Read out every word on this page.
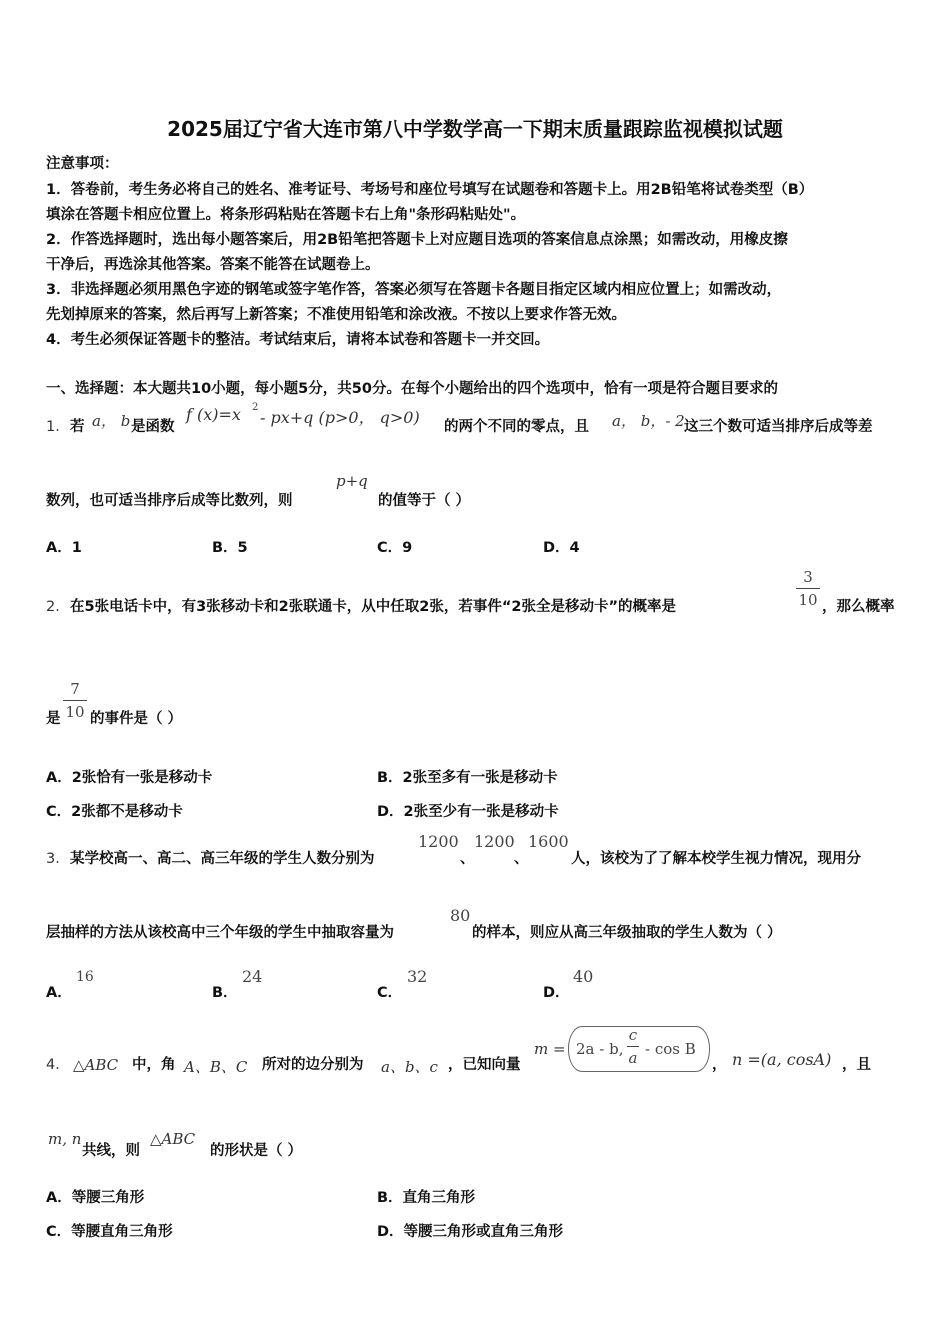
2025届辽宁省大连市第八中学数学高一下期末质量跟踪监视模拟试题
注意事项：
1．答卷前，考生务必将自己的姓名、准考证号、考场号和座位号填写在试题卷和答题卡上。用2B铅笔将试卷类型（B）
填涂在答题卡相应位置上。将条形码粘贴在答题卡右上角"条形码粘贴处"。
2．作答选择题时，选出每小题答案后，用2B铅笔把答题卡上对应题目选项的答案信息点涂黑；如需改动，用橡皮擦
干净后，再选涂其他答案。答案不能答在试题卷上。
3．非选择题必须用黑色字迹的钢笔或签字笔作答，答案必须写在答题卡各题目指定区域内相应位置上；如需改动，
先划掉原来的答案，然后再写上新答案；不准使用铅笔和涂改液。不按以上要求作答无效。
4．考生必须保证答题卡的整洁。考试结束后，请将本试卷和答题卡一并交回。
一、选择题：本大题共10小题，每小题5分，共50分。在每个小题给出的四个选项中，恰有一项是符合题目要求的
1． 若 a， b 是函数
f (x)=x 2
- px+q (p>0， q>0) 的两个不同的零点，且 a， b，- 2 这三个数可适当排序后成等差
数列，也可适当排序后成等比数列，则
p+q
的值等于（ ）
A．1	B．5	C．9	D．4
2． 在5张电话卡中，有3张移动卡和2张联通卡，从中任取2张，若事件“2张全是移动卡”的概率是
3
10 ，那么概率
是
7
10 的事件是（ ）
A．2张恰有一张是移动卡	B．2张至多有一张是移动卡
C．2张都不是移动卡	D．2张至少有一张是移动卡
3． 某学校高一、高二、高三年级的学生人数分别为
1200
、
1200
、
1600
人，该校为了了解本校学生视力情况，现用分
层抽样的方法从该校高中三个年级的学生中抽取容量为
80
的样本，则应从高三年级抽取的学生人数为（ ）
A．
16
B．
24
C．
32
D．
40
4． △ABC 中，角 A、B、C 所对的边分别为 a、b、c ，已知向量
m = 2a - b,
c
a - cos B
， n =(a, cosA) ，且
m, n
共线，则
△ABC
的形状是（ ）
A．等腰三角形	B．直角三角形
C．等腰直角三角形	D．等腰三角形或直角三角形
